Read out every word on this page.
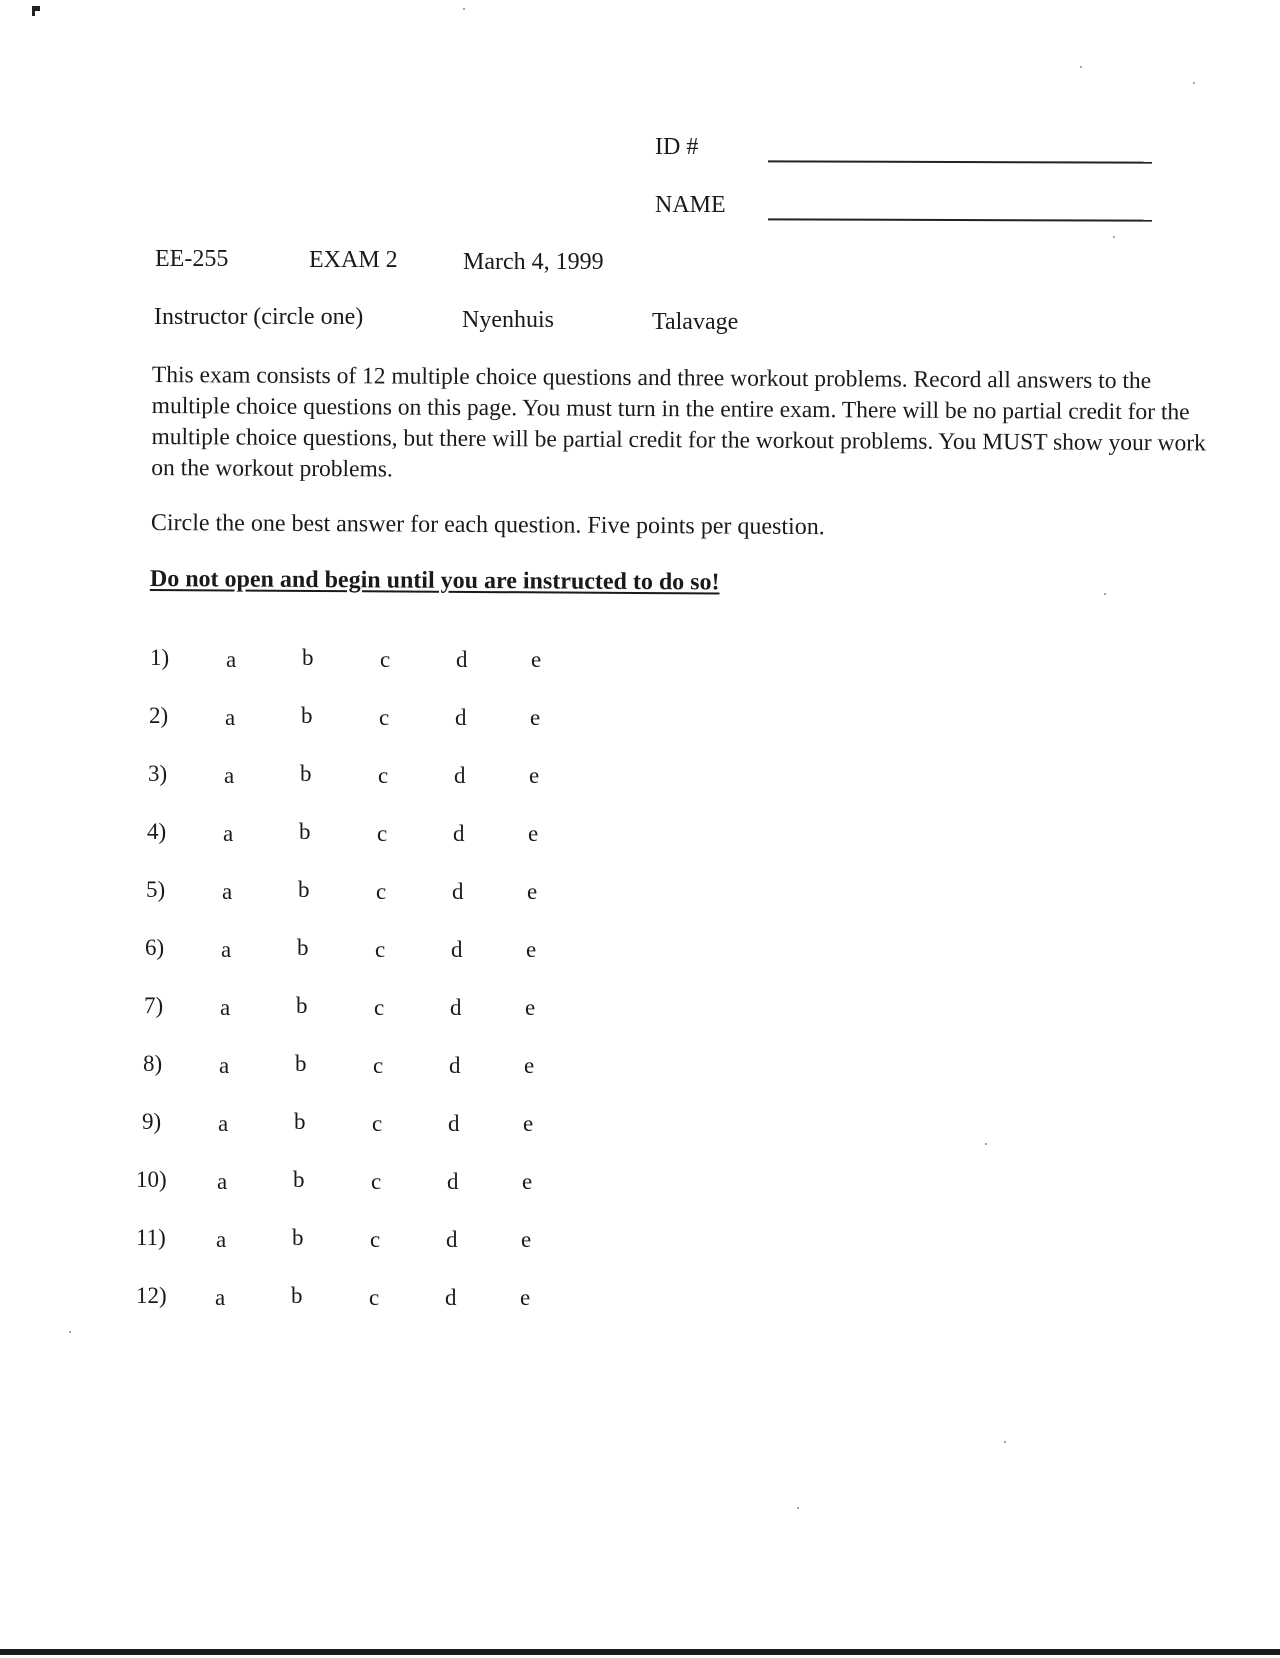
ID #
NAME
EE-255	EXAM 2	March 4, 1999
Instructor (circle one)	Nyenhuis	Talavage
This exam consists of 12 multiple choice questions and three workout problems. Record all answers to the multiple choice questions on this page. You must turn in the entire exam. There will be no partial credit for the multiple choice questions, but there will be partial credit for the workout problems. You MUST show your work on the workout problems.
Circle the one best answer for each question. Five points per question.
Do not open and begin until you are instructed to do so!
1) a	b	c	d	e
2) a	b	c	d	e
3) a	b	c	d	e
4) a	b	c	d	e
5) a	b	c	d	e
6) a	b	c	d	e
7) a	b	c	d	e
8) a	b	c	d	e
9) a	b	c	d	e
10) a	b	c	d	e
11) a	b	c	d	e
12) a	b	c	d	e
